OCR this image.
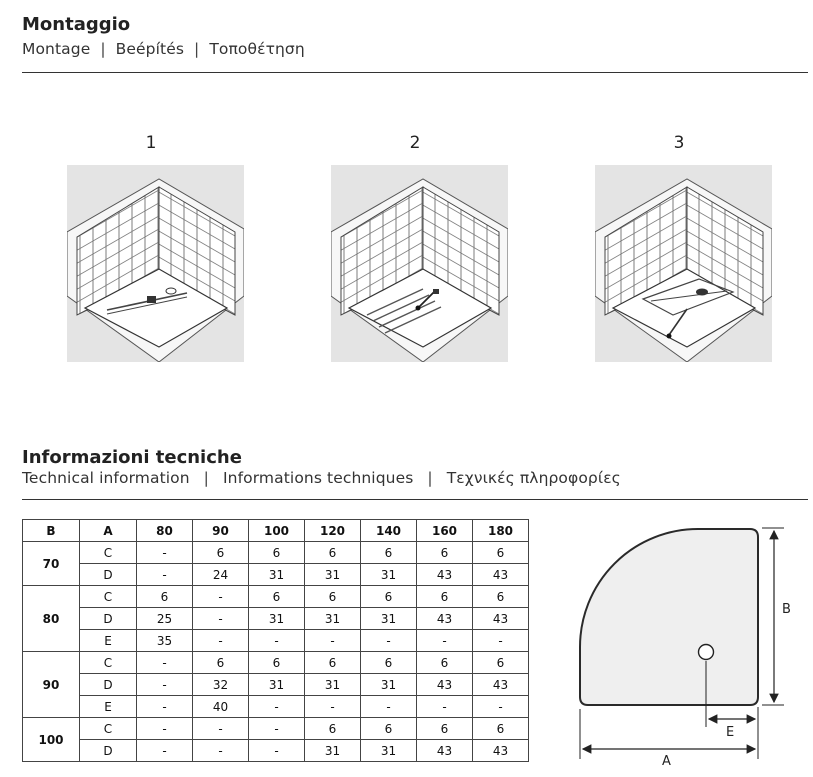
Montaggio
Montage | Beépítés | Τοποθέτηση
1	2	3
Informazioni tecniche
Technical information | Informations techniques | Τεχνικές πληροφορίες
B	A	80	90	100	120	140	160	180
70	C	-	6	6	6	6	6	6
	D	-	24	31	31	31	43	43
80	C	6	-	6	6	6	6	6
	D	25	-	31	31	31	43	43
	E	35	-	-	-	-	-	-
90	C	-	6	6	6	6	6	6
	D	-	32	31	31	31	43	43
	E	-	40	-	-	-	-	-
100	C	-	-	-	6	6	6	6
	D	-	-	-	31	31	43	43
B
E
A
